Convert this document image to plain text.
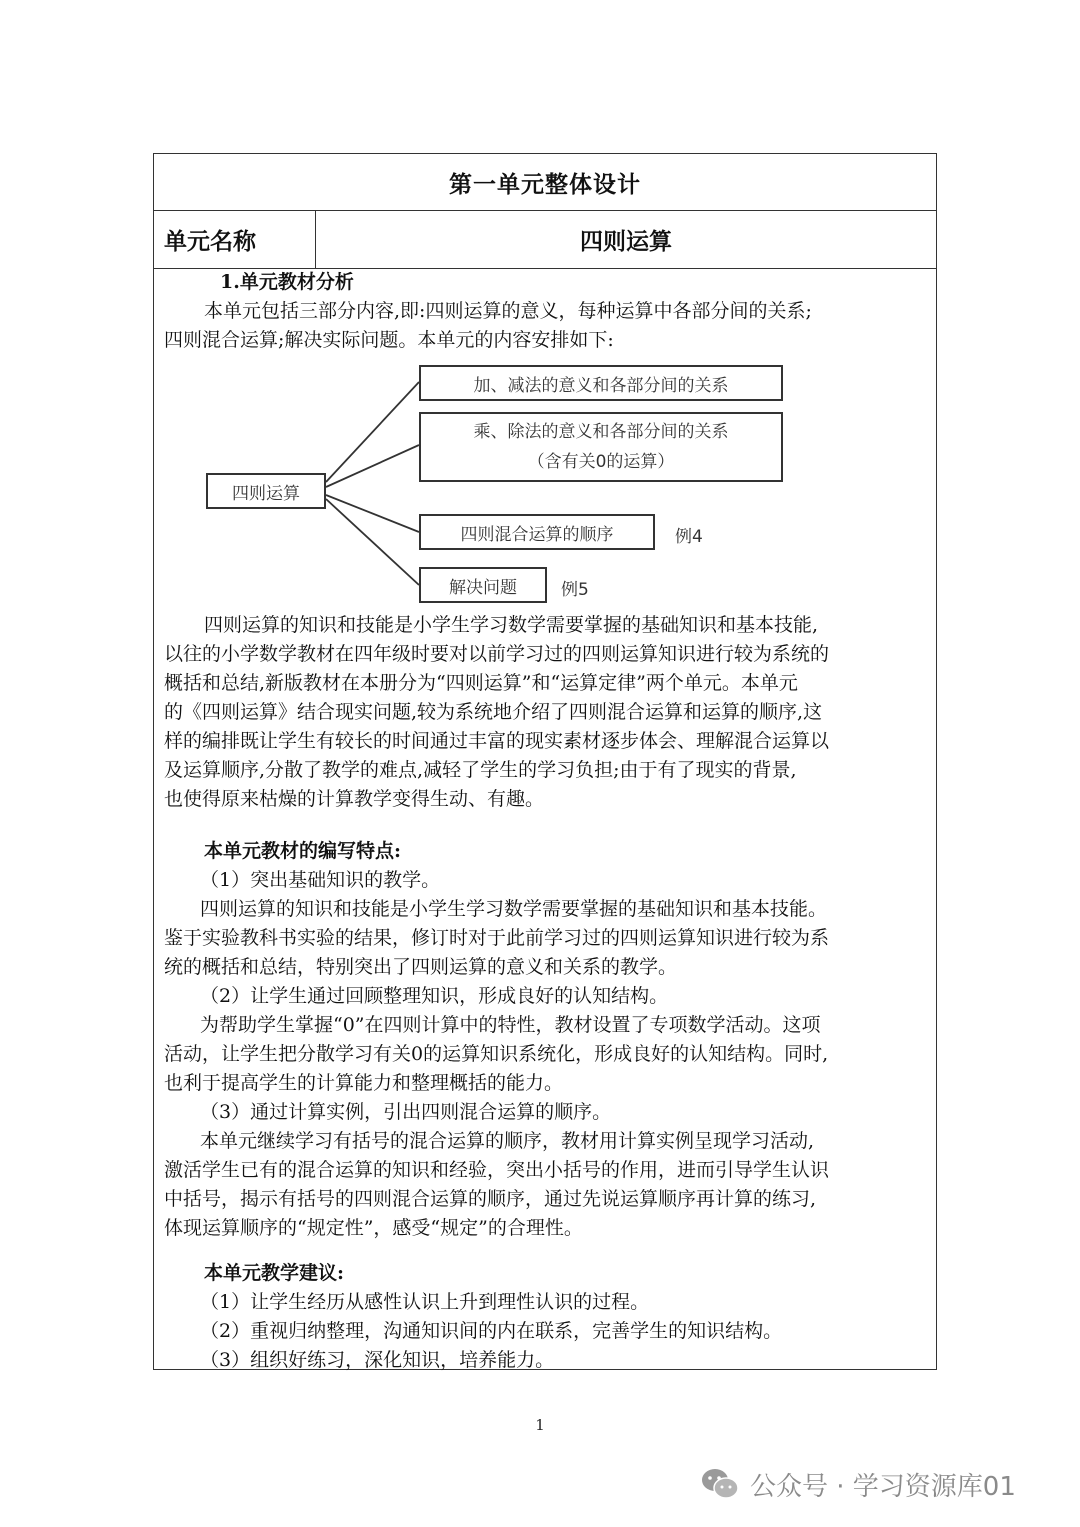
第一单元整体设计
单元名称	四则运算
1.单元教材分析
本单元包括三部分内容,即:四则运算的意义，每种运算中各部分间的关系;
四则混合运算;解决实际问题。本单元的内容安排如下:
四则运算
加、减法的意义和各部分间的关系
乘、除法的意义和各部分间的关系
（含有关0的运算）
四则混合运算的顺序	例4
解决问题	例5
四则运算的知识和技能是小学生学习数学需要掌握的基础知识和基本技能,
以往的小学数学教材在四年级时要对以前学习过的四则运算知识进行较为系统的
概括和总结,新版教材在本册分为“四则运算”和“运算定律”两个单元。本单元
的《四则运算》结合现实问题,较为系统地介绍了四则混合运算和运算的顺序,这
样的编排既让学生有较长的时间通过丰富的现实素材逐步体会、理解混合运算以
及运算顺序,分散了教学的难点,减轻了学生的学习负担;由于有了现实的背景,
也使得原来枯燥的计算教学变得生动、有趣。
本单元教材的编写特点:
（1）突出基础知识的教学。
四则运算的知识和技能是小学生学习数学需要掌握的基础知识和基本技能。
鉴于实验教科书实验的结果，修订时对于此前学习过的四则运算知识进行较为系
统的概括和总结，特别突出了四则运算的意义和关系的教学。
（2）让学生通过回顾整理知识，形成良好的认知结构。
为帮助学生掌握“0”在四则计算中的特性，教材设置了专项数学活动。这项
活动，让学生把分散学习有关0的运算知识系统化，形成良好的认知结构。同时,
也利于提高学生的计算能力和整理概括的能力。
（3）通过计算实例，引出四则混合运算的顺序。
本单元继续学习有括号的混合运算的顺序，教材用计算实例呈现学习活动,
激活学生已有的混合运算的知识和经验，突出小括号的作用，进而引导学生认识
中括号，揭示有括号的四则混合运算的顺序，通过先说运算顺序再计算的练习,
体现运算顺序的“规定性”，感受“规定”的合理性。
本单元教学建议:
（1）让学生经历从感性认识上升到理性认识的过程。
（2）重视归纳整理，沟通知识间的内在联系，完善学生的知识结构。
（3）组织好练习，深化知识，培养能力。
1
公众号 · 学习资源库01
